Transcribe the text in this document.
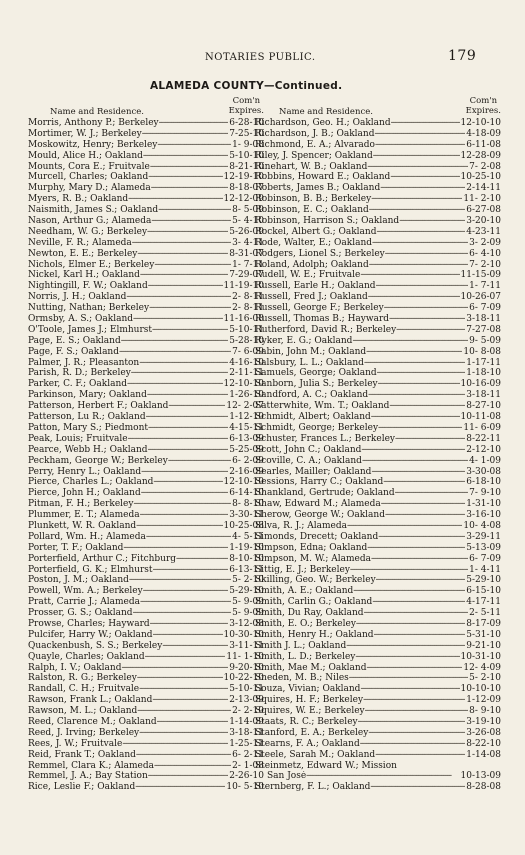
NOTARIES PUBLIC.	179
ALAMEDA COUNTY—Continued.
Name and Residence.
Com'n
Expires.
Morris, Anthony P.; Berkeley -----	6-28-10
Mortimer, W. J.; Berkeley -----	7-25-10
Moskowitz, Henry; Berkeley -----	1- 9-08
Mould, Alice H.; Oakland -----	5-10-10
Mounts, Cora E.; Fruitvale -----	8-21-10
Murcell, Charles; Oakland -----	12-19-10
Murphy, Mary D.; Alameda -----	8-18-07
Myers, R. B.; Oakland -----	12-12-09
Naismith, James S.; Oakland -----	8- 5-09
Nason, Arthur G.; Alameda -----	5- 4-10
Needham, W. G.; Berkeley -----	5-26-09
Neville, F. R.; Alameda -----	3- 4-11
Newton, E. E.; Berkeley -----	8-31-07
Nichols, Elmer E.; Berkeley -----	1- 7-11
Nickel, Karl H.; Oakland -----	7-29-07
Nightingill, F. W.; Oakland -----	11-19-10
Norris, J. H.; Oakland -----	2- 8-11
Nutting, Nathan; Berkeley -----	2- 8-11
Ormsby, A. S.; Oakland -----	11-16-08
O'Toole, James J.; Elmhurst -----	5-10-11
Page, E. S.; Oakland -----	5-28-10
Page, F. S.; Oakland -----	7- 6-09
Palmer, J. R.; Pleasanton -----	4-16-10
Parish, R. D.; Berkeley -----	2-11-11
Parker, C. F.; Oakland -----	12-10-10
Parkinson, Mary; Oakland -----	1-26-10
Patterson, Herbert F.; Oakland -----	12- 2-07
Patterson, Lu R.; Oakland -----	1-12-10
Patton, Mary S.; Piedmont -----	4-15-11
Peak, Louis; Fruitvale -----	6-13-09
Pearce, Webb H.; Oakland -----	5-25-09
Peckham, George W.; Berkeley -----	6- 2-09
Perry, Henry L.; Oakland -----	2-16-09
Pierce, Charles L.; Oakland -----	12-10-10
Pierce, John H.; Oakland -----	6-14-10
Pitman, F. H.; Berkeley -----	8- 8-10
Plummer, E. T.; Alameda -----	3-30-11
Plunkett, W. R. Oakland -----	10-25-08
Pollard, Wm. H.; Alameda -----	4- 5-11
Porter, T. F.; Oakland -----	1-19-10
Porterfield, Arthur C.; Fitchburg -----	8-10-10
Porterfield, G. K.; Elmhurst -----	6-13-11
Poston, J. M.; Oakland -----	5- 2-10
Powell, Wm. A.; Berkeley -----	5-29-10
Pratt, Carrie J.; Alameda -----	5- 9-09
Prosser, G. S.; Oakland -----	5- 9-09
Prowse, Charles; Hayward -----	3-12-08
Pulcifer, Harry W.; Oakland -----	10-30-10
Quackenbush, S. S.; Berkeley -----	3-11-11
Quayle, Charles; Oakland -----	11- 1-10
Ralph, I. V.; Oakland -----	9-20-10
Ralston, R. G.; Berkeley -----	10-22-10
Randall, C. H.; Fruitvale -----	5-10-11
Rawson, Frank L.; Oakland -----	2-13-09
Rawson, M. L.; Oakland -----	2- 2-10
Reed, Clarence M.; Oakland -----	1-14-09
Reed, J. Irving; Berkeley -----	3-18-11
Rees, J. W.; Fruitvale -----	1-25-11
Reid, Frank T.; Oakland -----	6- 2-11
Remmel, Clara K.; Alameda -----	2- 1-08
Remmel, J. A.; Bay Station -----	2-26-10
Rice, Leslie F.; Oakland -----	10- 5-10
Name and Residence.
Com'n
Expires.
Richardson, Geo. H.; Oakland -----	12-10-10
Richardson, J. B.; Oakland -----	4-18-09
Richmond, E. A.; Alvarado -----	6-11-08
Riley, J. Spencer; Oakland -----	12-28-09
Rinehart, W. B.; Oakland -----	7- 2-08
Robbins, Howard E.; Oakland -----	10-25-10
Roberts, James B.; Oakland -----	2-14-11
Robinson, B. B.; Berkeley -----	11- 2-10
Robinson, E. C.; Oakland -----	6-27-08
Robinson, Harrison S.; Oakland -----	3-20-10
Rockel, Albert G.; Oakland -----	4-23-11
Rode, Walter, E.; Oakland -----	3- 2-09
Rodgers, Lionel S.; Berkeley -----	6- 4-10
Roland, Adolph; Oakland -----	7- 2-10
Rudell, W. E.; Fruitvale -----	11-15-09
Russell, Earle H.; Oakland -----	1- 7-11
Russell, Fred J.; Oakland -----	10-26-07
Russell, George F.; Berkeley -----	6- 7-09
Russell, Thomas B.; Hayward -----	3-18-11
Rutherford, David R.; Berkeley -----	7-27-08
Ryker, E. G.; Oakland -----	9- 5-09
Sabin, John M.; Oakland -----	10- 8-08
Salsbury, L. L.; Oakland -----	1-17-11
Samuels, George; Oakland -----	1-18-10
Sanborn, Julia S.; Berkeley -----	10-16-09
Sandford, A. C.; Oakland -----	3-18-11
Satterwhite, Wm. T.; Oakland -----	8-27-10
Schmidt, Albert; Oakland -----	10-11-08
Schmidt, George; Berkeley -----	11- 6-09
Schuster, Frances L.; Berkeley -----	8-22-11
Scott, John C.; Oakland -----	2-12-10
Scoville, C. A.; Oakland -----	4- 1-09
Searles, Mailler; Oakland -----	3-30-08
Sessions, Harry C.; Oakland -----	6-18-10
Shankland, Gertrude; Oakland -----	7- 9-10
Shaw, Edward M.; Alameda -----	1-31-10
Sherow, George W.; Oakland -----	3-16-10
Silva, R. J.; Alameda -----	10- 4-08
Simonds, Drecett; Oakland -----	3-29-11
Simpson, Edna; Oakland -----	5-13-09
Simpson, M. W.; Alameda -----	6- 7-09
Sittig, E. J.; Berkeley -----	1- 4-11
Skilling, Geo. W.; Berkeley -----	5-29-10
Smith, A. E.; Oakland -----	6-15-10
Smith, Carlin G.; Oakland -----	4-17-11
Smith, Du Ray, Oakland -----	2- 5-11
Smith, E. O.; Berkeley -----	8-17-09
Smith, Henry H.; Oakland -----	5-31-10
Smith J. L.; Oakland -----	9-21-10
Smith, L. D.; Berkeley -----	10-31-10
Smith, Mae M.; Oakland -----	12- 4-09
Sneden, M. B.; Niles -----	5- 2-10
Souza, Vivian; Oakland -----	10-10-10
Squires, H. F.; Berkeley -----	1-12-09
Squires, W. E.; Berkeley -----	8- 9-10
Staats, R. C.; Berkeley -----	3-19-10
Stanford, E. A.; Berkeley -----	3-26-08
Stearns, F. A.; Oakland -----	8-22-10
Steele, Sarah M.; Oakland -----	1-14-08
Steinmetz, Edward W.; Mission
San José -----	10-13-09
Sternberg, F. L.; Oakland -----	8-28-08
